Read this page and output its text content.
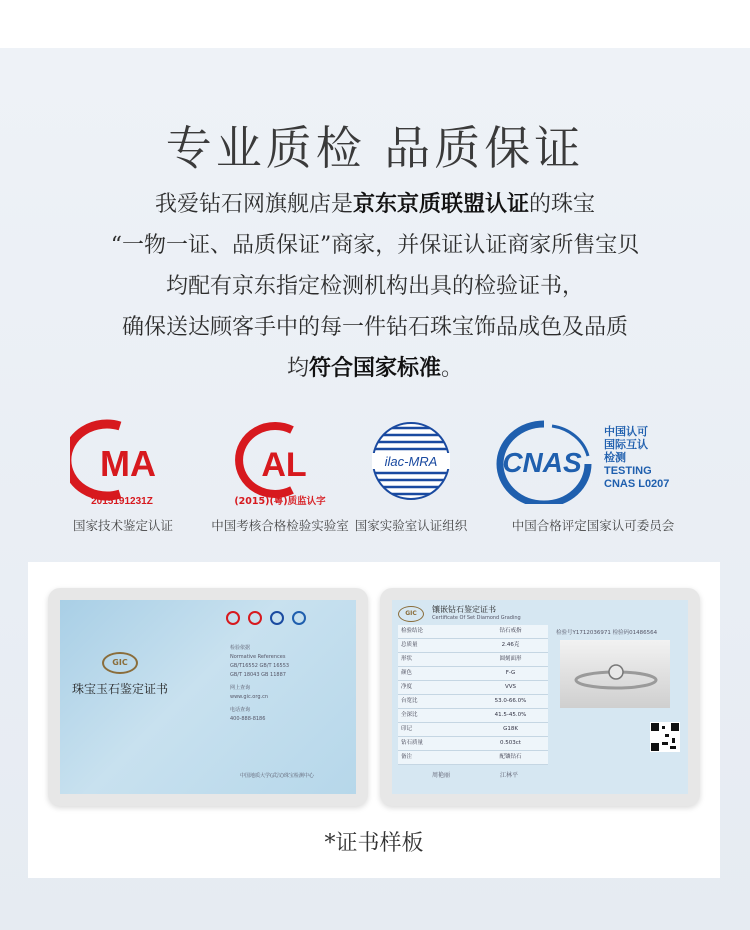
专业质检 品质保证
我爱钻石网旗舰店是京东京质联盟认证的珠宝
“一物一证、品质保证”商家，并保证认证商家所售宝贝
均配有京东指定检测机构出具的检验证书，
确保送达顾客手中的每一件钻石珠宝饰品成色及品质
均符合国家标准。
MA
2015191231Z
国家技术鉴定认证
AL
(2015)(粤)质监认字
中国考核合格检验实验室
ilac-MRA
国家实验室认证组织
CNAS
中国认可
国际互认
检测
TESTING
CNAS L0207
中国合格评定国家认可委员会
GIC
珠宝玉石鉴定证书
检验依据
Normative References
GB/T16552 GB/T 16553
GB/T 18043 GB 11887
网上查询
www.gic.org.cn
电话查询
400-888-8186
中国地质大学(武汉)珠宝检测中心
GIC	镶嵌钻石鉴定证书
Certificate Of Set Diamond Grading
检验结论	钻石戒指
总质量	2.46克
形状	圆刻面形
颜色	F-G
净度	VVS
台宽比	53.0-66.0%
全深比	41.5-45.0%
印记	G18K
钻石质量	0.503ct
备注	配镶钻石
检验号Y1712036971 检验码01486564
周艳丽	江林平
*证书样板
